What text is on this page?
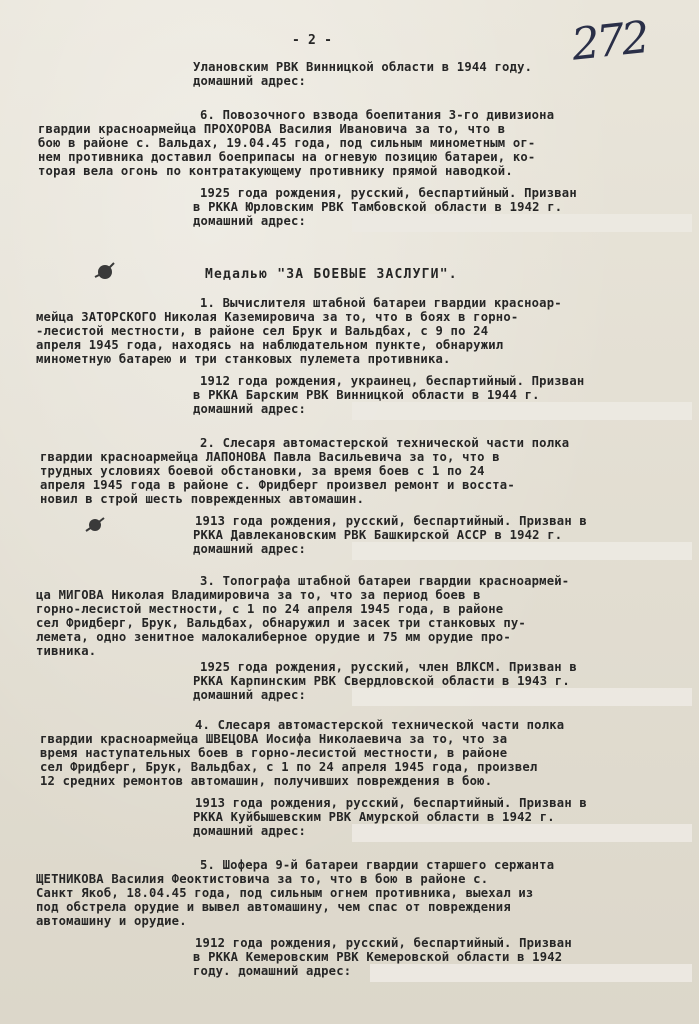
- 2 -	272
Улановским РВК Винницкой области в 1944 году.
домашний адрес:
6. Повозочного взвода боепитания 3-го дивизиона
гвардии красноармейца ПРОХОРОВА Василия Ивановича за то, что в
бою в районе с. Вальдах, 19.04.45 года, под сильным минометным ог-
нем противника доставил боеприпасы на огневую позицию батареи, ко-
торая вела огонь по контратакующему противнику прямой наводкой.
1925 года рождения, русский, беспартийный. Призван
в РККА Юрловским РВК Тамбовской области в 1942 г.
домашний адрес:
Медалью "ЗА БОЕВЫЕ ЗАСЛУГИ".
1. Вычислителя штабной батареи гвардии красноар-
мейца ЗАТОРСКОГО Николая Каземировича за то, что в боях в горно-
-лесистой местности, в районе сел Брук и Вальдбах, с 9 по 24
апреля 1945 года, находясь на наблюдательном пункте, обнаружил
минометную батарею и три станковых пулемета противника.
1912 года рождения, украинец, беспартийный. Призван
в РККА Барским РВК Винницкой области в 1944 г.
домашний адрес:
2. Слесаря автомастерской технической части полка
гвардии красноармейца ЛАПОНОВА Павла Васильевича за то, что в
трудных условиях боевой обстановки, за время боев с 1 по 24
апреля 1945 года в районе с. Фридберг произвел ремонт и восста-
новил в строй шесть поврежденных автомашин.
1913 года рождения, русский, беспартийный. Призван в
РККА Давлекановским РВК Башкирской АССР в 1942 г.
домашний адрес:
3. Топографа штабной батареи гвардии красноармей-
ца МИГОВА Николая Владимировича за то, что за период боев в
горно-лесистой местности, с 1 по 24 апреля 1945 года, в районе
сел Фридберг, Брук, Вальдбах, обнаружил и засек три станковых пу-
лемета, одно зенитное малокалиберное орудие и 75 мм орудие про-
тивника.
1925 года рождения, русский, член ВЛКСМ. Призван в
РККА Карпинским РВК Свердловской области в 1943 г.
домашний адрес:
4. Слесаря автомастерской технической части полка
гвардии красноармейца ШВЕЦОВА Иосифа Николаевича за то, что за
время наступательных боев в горно-лесистой местности, в районе
сел Фридберг, Брук, Вальдбах, с 1 по 24 апреля 1945 года, произвел
12 средних ремонтов автомашин, получивших повреждения в бою.
1913 года рождения, русский, беспартийный. Призван в
РККА Куйбышевским РВК Амурской области в 1942 г.
домашний адрес:
5. Шофера 9-й батареи гвардии старшего сержанта
ЩЕТНИКОВА Василия Феоктистовича за то, что в бою в районе с.
Санкт Якоб, 18.04.45 года, под сильным огнем противника, выехал из
под обстрела орудие и вывел автомашину, чем спас от повреждения
автомашину и орудие.
1912 года рождения, русский, беспартийный. Призван
в РККА Кемеровским РВК Кемеровской области в 1942
году. домашний адрес:
